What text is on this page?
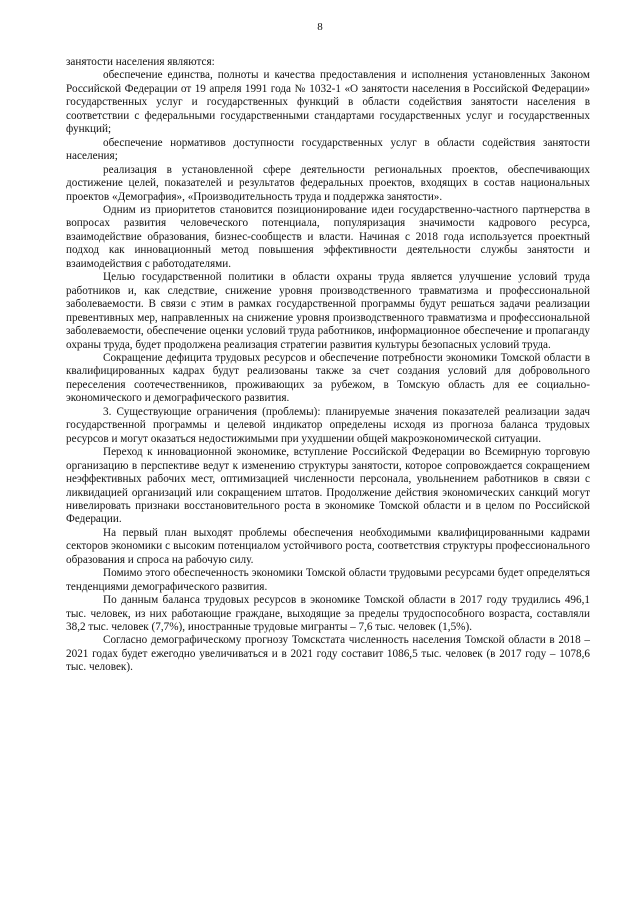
8

занятости населения являются:

обеспечение единства, полноты и качества предоставления и исполнения установленных Законом Российской Федерации от 19 апреля 1991 года № 1032-1 «О занятости населения в Российской Федерации» государственных услуг и государственных функций в области содействия занятости населения в соответствии с федеральными государственными стандартами государственных услуг и государственных функций;

обеспечение нормативов доступности государственных услуг в области содействия занятости населения;

реализация в установленной сфере деятельности региональных проектов, обеспечивающих достижение целей, показателей и результатов федеральных проектов, входящих в состав национальных проектов «Демография», «Производительность труда и поддержка занятости».

Одним из приоритетов становится позиционирование идеи государственно-частного партнерства в вопросах развития человеческого потенциала, популяризация значимости кадрового ресурса, взаимодействие образования, бизнес-сообществ и власти. Начиная с 2018 года используется проектный подход как инновационный метод повышения эффективности деятельности службы занятости и взаимодействия с работодателями.

Целью государственной политики в области охраны труда является улучшение условий труда работников и, как следствие, снижение уровня производственного травматизма и профессиональной заболеваемости. В связи с этим в рамках государственной программы будут решаться задачи реализации превентивных мер, направленных на снижение уровня производственного травматизма и профессиональной заболеваемости, обеспечение оценки условий труда работников, информационное обеспечение и пропаганду охраны труда, будет продолжена реализация стратегии развития культуры безопасных условий труда.

Сокращение дефицита трудовых ресурсов и обеспечение потребности экономики Томской области в квалифицированных кадрах будут реализованы также за счет создания условий для добровольного переселения соотечественников, проживающих за рубежом, в Томскую область для ее социально-экономического и демографического развития.

3. Существующие ограничения (проблемы): планируемые значения показателей реализации задач государственной программы и целевой индикатор определены исходя из прогноза баланса трудовых ресурсов и могут оказаться недостижимыми при ухудшении общей макроэкономической ситуации.

Переход к инновационной экономике, вступление Российской Федерации во Всемирную торговую организацию в перспективе ведут к изменению структуры занятости, которое сопровождается сокращением неэффективных рабочих мест, оптимизацией численности персонала, увольнением работников в связи с ликвидацией организаций или сокращением штатов. Продолжение действия экономических санкций могут нивелировать признаки восстановительного роста в экономике Томской области и в целом по Российской Федерации.

На первый план выходят проблемы обеспечения необходимыми квалифицированными кадрами секторов экономики с высоким потенциалом устойчивого роста, соответствия структуры профессионального образования и спроса на рабочую силу.

Помимо этого обеспеченность экономики Томской области трудовыми ресурсами будет определяться тенденциями демографического развития.

По данным баланса трудовых ресурсов в экономике Томской области в 2017 году трудились 496,1 тыс. человек, из них работающие граждане, выходящие за пределы трудоспособного возраста, составляли 38,2 тыс. человек (7,7%), иностранные трудовые мигранты – 7,6 тыс. человек (1,5%).

Согласно демографическому прогнозу Томскстата численность населения Томской области в 2018 – 2021 годах будет ежегодно увеличиваться и в 2021 году составит 1086,5 тыс. человек (в 2017 году – 1078,6 тыс. человек).
